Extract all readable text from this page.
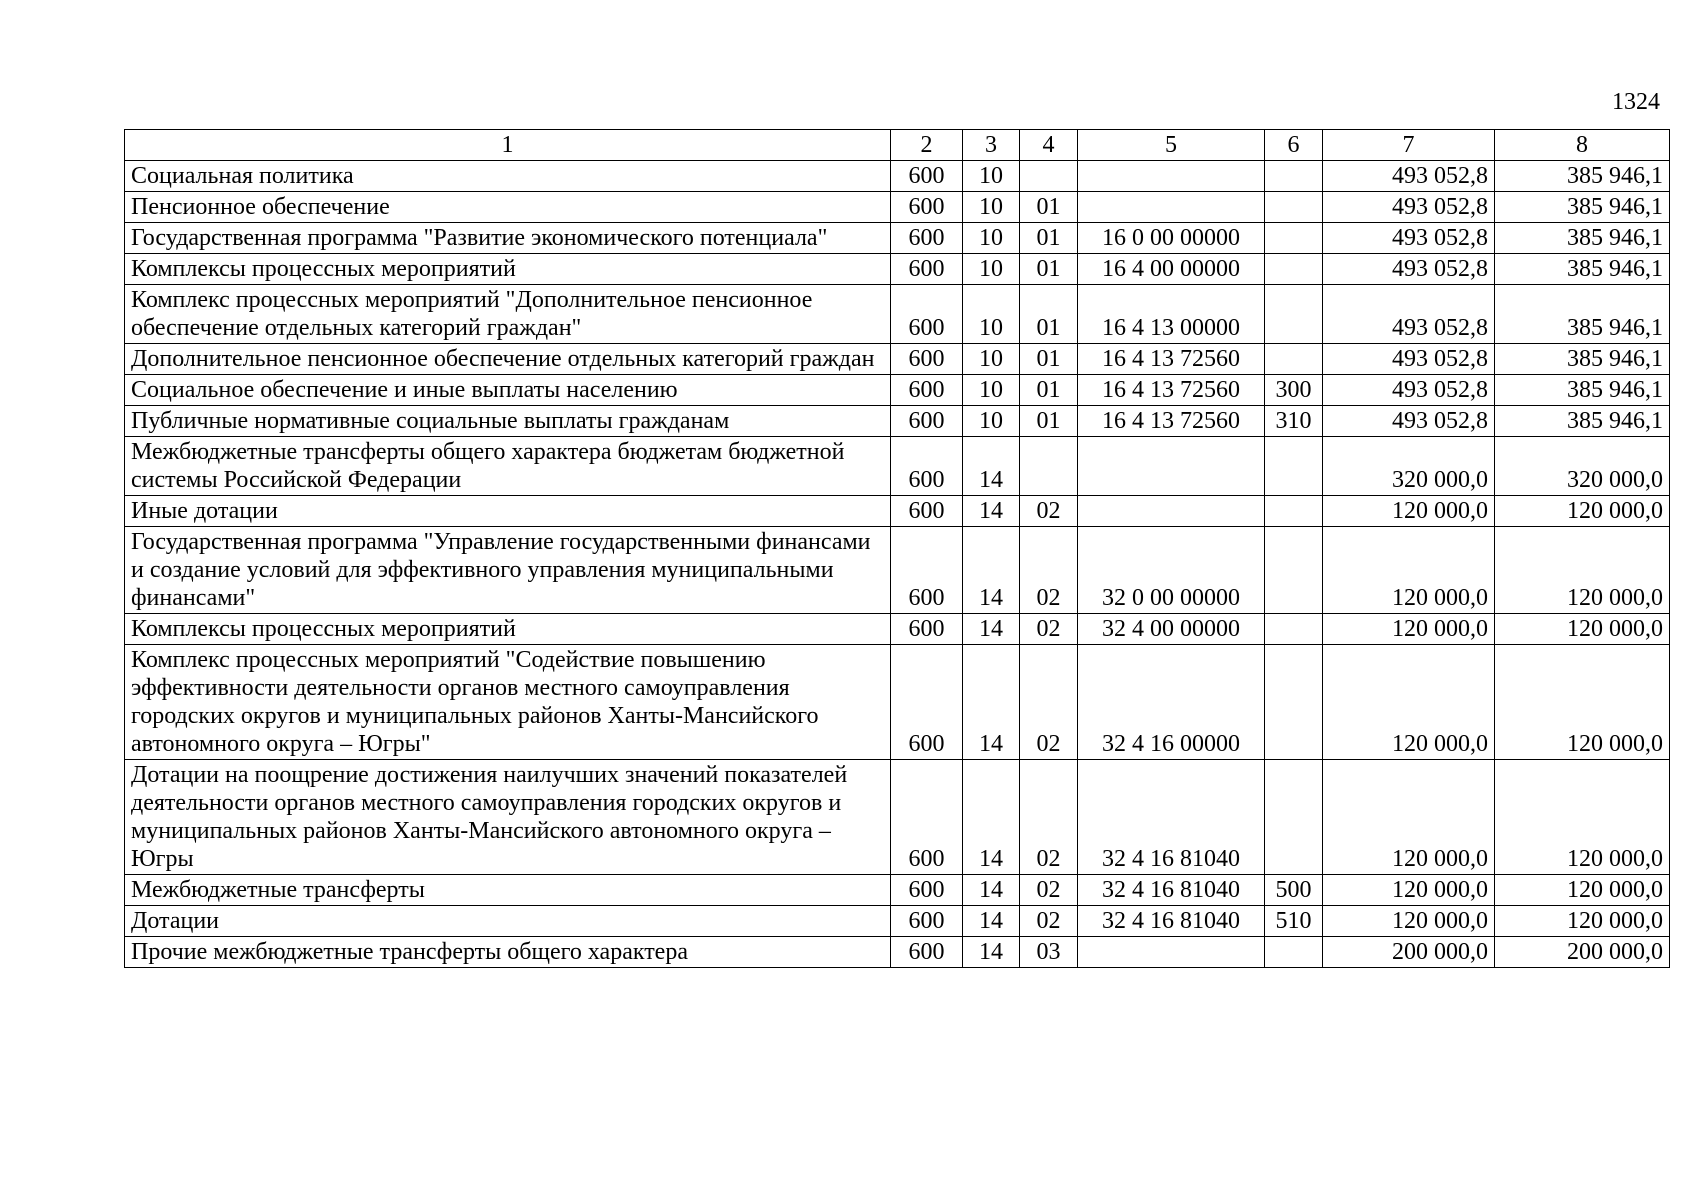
1324
1	2	3	4	5	6	7	8
Социальная политика	600	10				493 052,8	385 946,1
Пенсионное обеспечение	600	10	01			493 052,8	385 946,1
Государственная программа "Развитие экономического потенциала"	600	10	01	16 0 00 00000		493 052,8	385 946,1
Комплексы процессных мероприятий	600	10	01	16 4 00 00000		493 052,8	385 946,1
Комплекс процессных мероприятий "Дополнительное пенсионное обеспечение отдельных категорий граждан"	600	10	01	16 4 13 00000		493 052,8	385 946,1
Дополнительное пенсионное обеспечение отдельных категорий граждан	600	10	01	16 4 13 72560		493 052,8	385 946,1
Социальное обеспечение и иные выплаты населению	600	10	01	16 4 13 72560	300	493 052,8	385 946,1
Публичные нормативные социальные выплаты гражданам	600	10	01	16 4 13 72560	310	493 052,8	385 946,1
Межбюджетные трансферты общего характера бюджетам бюджетной системы Российской Федерации	600	14				320 000,0	320 000,0
Иные дотации	600	14	02			120 000,0	120 000,0
Государственная программа "Управление государственными финансами и создание условий для эффективного управления муниципальными финансами"	600	14	02	32 0 00 00000		120 000,0	120 000,0
Комплексы процессных мероприятий	600	14	02	32 4 00 00000		120 000,0	120 000,0
Комплекс процессных мероприятий "Содействие повышению эффективности деятельности органов местного самоуправления городских округов и муниципальных районов Ханты-Мансийского автономного округа – Югры"	600	14	02	32 4 16 00000		120 000,0	120 000,0
Дотации на поощрение достижения наилучших значений показателей деятельности органов местного самоуправления городских округов и муниципальных районов Ханты-Мансийского автономного округа – Югры	600	14	02	32 4 16 81040		120 000,0	120 000,0
Межбюджетные трансферты	600	14	02	32 4 16 81040	500	120 000,0	120 000,0
Дотации	600	14	02	32 4 16 81040	510	120 000,0	120 000,0
Прочие межбюджетные трансферты общего характера	600	14	03			200 000,0	200 000,0
